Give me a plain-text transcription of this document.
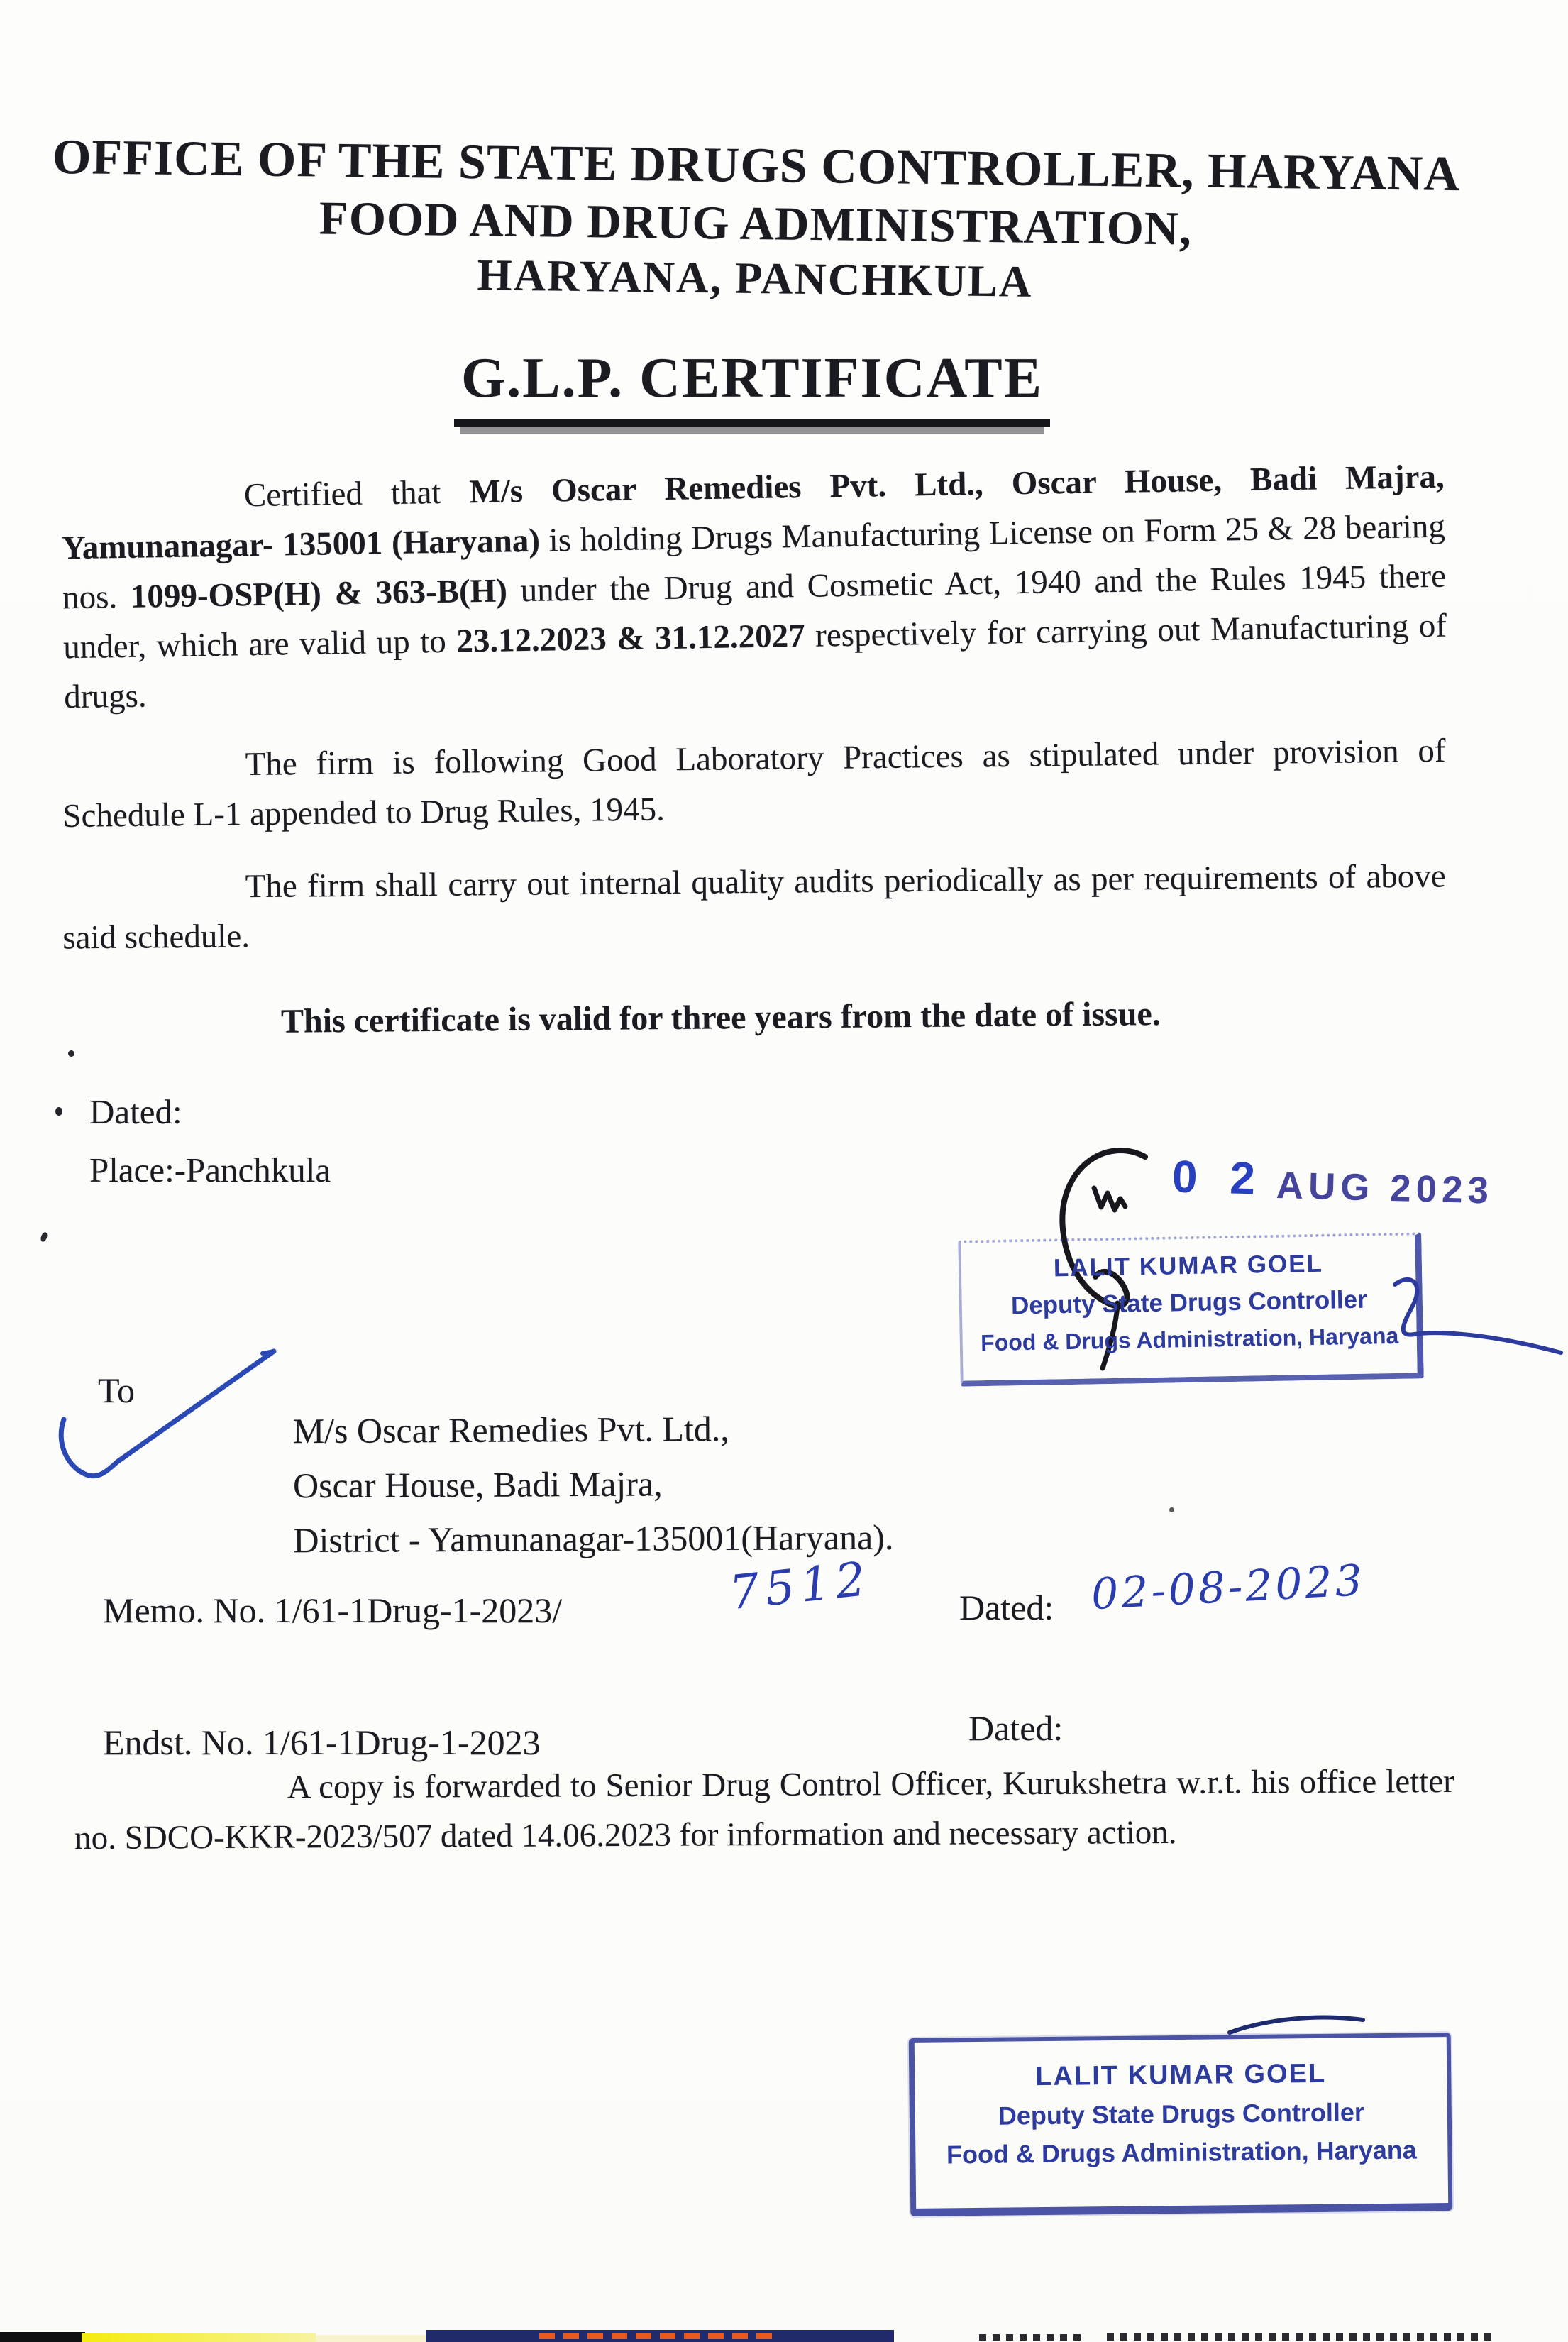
OFFICE OF THE STATE DRUGS CONTROLLER, HARYANA
FOOD AND DRUG ADMINISTRATION,
HARYANA, PANCHKULA
G.L.P. CERTIFICATE
Certified that M/s Oscar Remedies Pvt. Ltd., Oscar House, Badi Majra, Yamunanagar- 135001 (Haryana) is holding Drugs Manufacturing License on Form 25 & 28 bearing nos. 1099-OSP(H) & 363-B(H) under the Drug and Cosmetic Act, 1940 and the Rules 1945 there under, which are valid up to 23.12.2023 & 31.12.2027 respectively for carrying out Manufacturing of drugs.
The firm is following Good Laboratory Practices as stipulated under provision of Schedule L-1 appended to Drug Rules, 1945.
The firm shall carry out internal quality audits periodically as per requirements of above said schedule.
This certificate is valid for three years from the date of issue.
Dated:
Place:-Panchkula	0 2 AUG 2023
LALIT KUMAR GOEL
Deputy State Drugs Controller
Food & Drugs Administration, Haryana
To
M/s Oscar Remedies Pvt. Ltd.,
Oscar House, Badi Majra,
District - Yamunanagar-135001(Haryana).
Memo. No. 1/61-1Drug-1-2023/	7512 Dated: 02-08-2023
Endst. No. 1/61-1Drug-1-2023	Dated:
A copy is forwarded to Senior Drug Control Officer, Kurukshetra w.r.t. his office letter no. SDCO-KKR-2023/507 dated 14.06.2023 for information and necessary action.
LALIT KUMAR GOEL
Deputy State Drugs Controller
Food & Drugs Administration, Haryana
